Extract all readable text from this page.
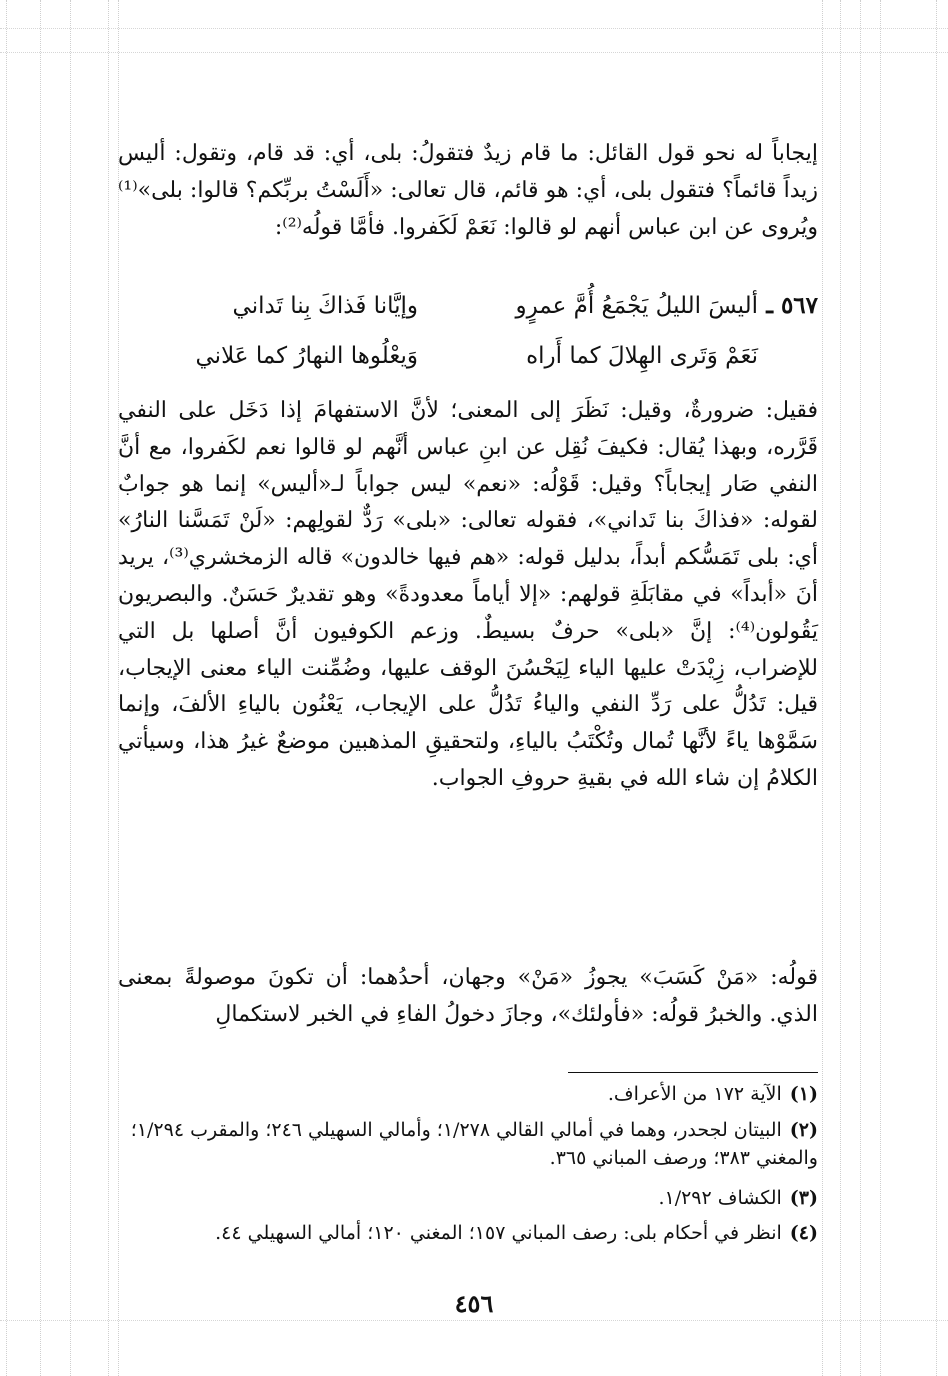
إيجاباً له نحو قول القائل: ما قام زيدٌ فتقولُ: بلى، أي: قد قام، وتقول: أليس زيداً قائماً؟ فتقول بلى، أي: هو قائم، قال تعالى: «أَلَسْتُ بربِّكم؟ قالوا: بلى»⁽¹⁾ ويُروى عن ابن عباس أنهم لو قالوا: نَعَمْ لَكَفروا. فأمَّا قولُه⁽²⁾:
٥٦٧ ـ
أليسَ الليلُ يَجْمَعُ أُمَّ عمرٍو
وإيَّانا فَذاكَ بِنا تَداني
نَعَمْ وَتَرى الهِلالَ كما أَراه
وَيعْلُوها النهارُ كما عَلاني
فقيل: ضرورةٌ، وقيل: نَظَرَ إلى المعنى؛ لأنَّ الاستفهامَ إذا دَخَل على النفي قَرَّره، وبهذا يُقال: فكيفَ نُقِل عن ابنِ عباس أنَّهم لو قالوا نعم لكَفروا، مع أنَّ النفي صَار إيجاباً؟ وقيل: قَوْلُه: «نعم» ليس جواباً لـ«أليس» إنما هو جوابٌ لقوله: «فذاكَ بنا تَداني»، فقوله تعالى: «بلى» رَدٌّ لقولِهم: «لَنْ تَمَسَّنا النارُ» أي: بلى تَمَسُّكم أبداً، بدليل قوله: «هم فيها خالدون» قاله الزمخشري⁽³⁾، يريد أنَ «أبداً» في مقابَلَةِ قولهم: «إلا أياماً معدودةً» وهو تقديرٌ حَسَنٌ. والبصريون يَقُولون⁽⁴⁾: إنَّ «بلى» حرفٌ بسيطٌ. وزعم الكوفيون أنَّ أصلها بل التي للإضراب، زِيْدَتْ عليها الياء لِيَحْسُنَ الوقف عليها، وضُمِّنت الياء معنى الإيجاب، قيل: تَدُلُّ على رَدِّ النفي والياءُ تَدُلُّ على الإيجاب، يَعْنُون بالياءِ الألفَ، وإنما سَمَّوْها ياءً لأنَّها تُمال وتُكْتَبُ بالياءِ، ولتحقيقِ المذهبين موضعٌ غيرُ هذا، وسيأتي الكلامُ إن شاء الله في بقيةِ حروفِ الجواب.
قولُه: «مَنْ كَسَبَ» يجوزُ «مَنْ» وجهان، أحدُهما: أن تكونَ موصولةً بمعنى الذي. والخبرُ قولُه: «فأولئك»، وجازَ دخولُ الفاءِ في الخبر لاستكمالِ
(١)الآية ١٧٢ من الأعراف.
(٢)البيتان لجحدر، وهما في أمالي القالي ١/٢٧٨؛ وأمالي السهيلي ٢٤٦؛ والمقرب ١/٢٩٤؛ والمغني ٣٨٣؛ ورصف المباني ٣٦٥.
(٣)الكشاف ١/٢٩٢.
(٤)انظر في أحكام بلى: رصف المباني ١٥٧؛ المغني ١٢٠؛ أمالي السهيلي ٤٤.
٤٥٦
